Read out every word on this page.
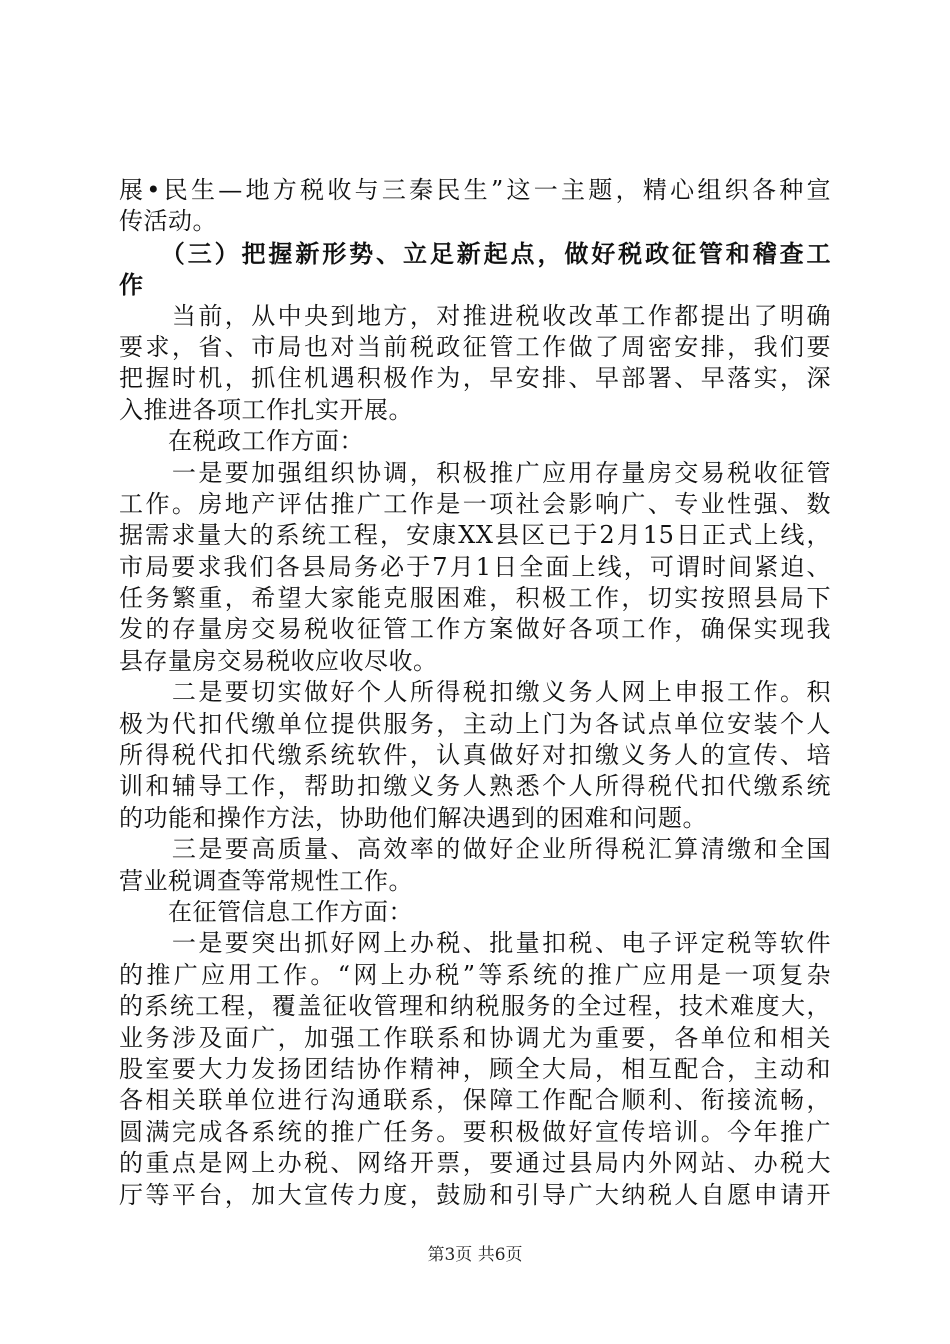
展•民生—地方税收与三秦民生”这一主题，精心组织各种宣
传活动。
　　（三）把握新形势、立足新起点，做好税政征管和稽查工
作
　　当前，从中央到地方，对推进税收改革工作都提出了明确
要求，省、市局也对当前税政征管工作做了周密安排，我们要
把握时机，抓住机遇积极作为，早安排、早部署、早落实，深
入推进各项工作扎实开展。
　　在税政工作方面：
　　一是要加强组织协调，积极推广应用存量房交易税收征管
工作。房地产评估推广工作是一项社会影响广、专业性强、数
据需求量大的系统工程，安康XX县区已于2月15日正式上线，
市局要求我们各县局务必于7月1日全面上线，可谓时间紧迫、
任务繁重，希望大家能克服困难，积极工作，切实按照县局下
发的存量房交易税收征管工作方案做好各项工作，确保实现我
县存量房交易税收应收尽收。
　　二是要切实做好个人所得税扣缴义务人网上申报工作。积
极为代扣代缴单位提供服务，主动上门为各试点单位安装个人
所得税代扣代缴系统软件，认真做好对扣缴义务人的宣传、培
训和辅导工作，帮助扣缴义务人熟悉个人所得税代扣代缴系统
的功能和操作方法，协助他们解决遇到的困难和问题。
　　三是要高质量、高效率的做好企业所得税汇算清缴和全国
营业税调查等常规性工作。
　　在征管信息工作方面：
　　一是要突出抓好网上办税、批量扣税、电子评定税等软件
的推广应用工作。“网上办税”等系统的推广应用是一项复杂
的系统工程，覆盖征收管理和纳税服务的全过程，技术难度大，
业务涉及面广，加强工作联系和协调尤为重要，各单位和相关
股室要大力发扬团结协作精神，顾全大局，相互配合，主动和
各相关联单位进行沟通联系，保障工作配合顺利、衔接流畅，
圆满完成各系统的推广任务。要积极做好宣传培训。今年推广
的重点是网上办税、网络开票，要通过县局内外网站、办税大
厅等平台，加大宣传力度，鼓励和引导广大纳税人自愿申请开
第3页 共6页
